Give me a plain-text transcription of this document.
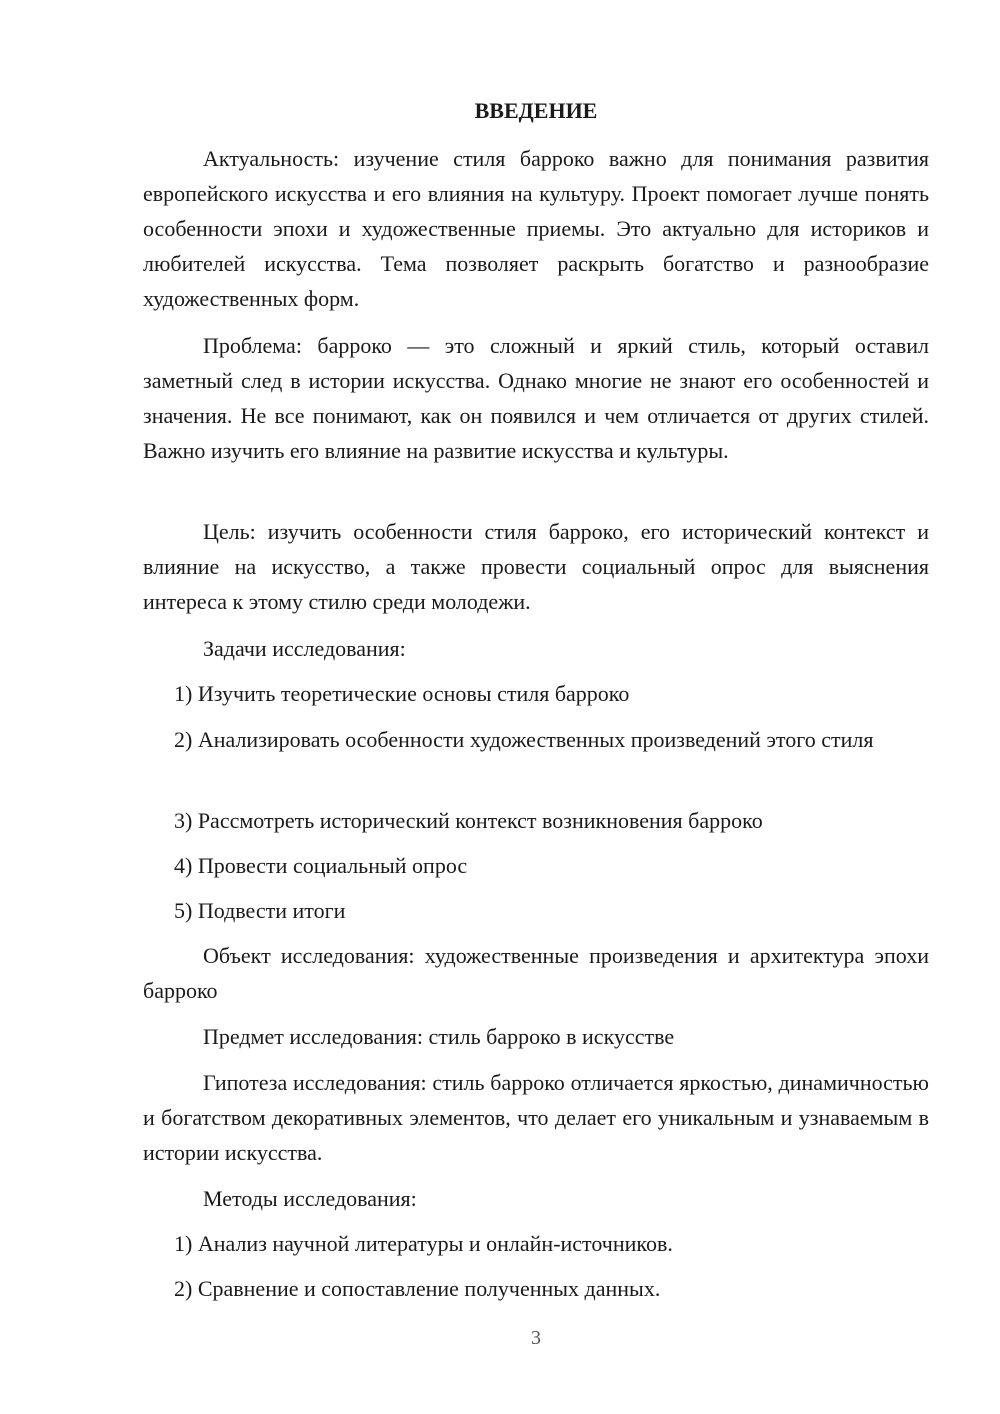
ВВЕДЕНИЕ

Актуальность: изучение стиля барроко важно для понимания развития европейского искусства и его влияния на культуру. Проект помогает лучше понять особенности эпохи и художественные приемы. Это актуально для историков и любителей искусства. Тема позволяет раскрыть богатство и разнообразие художественных форм.

Проблема: барроко — это сложный и яркий стиль, который оставил заметный след в истории искусства. Однако многие не знают его особенностей и значения. Не все понимают, как он появился и чем отличается от других стилей. Важно изучить его влияние на развитие искусства и культуры.

Цель: изучить особенности стиля барроко, его исторический контекст и влияние на искусство, а также провести социальный опрос для выяснения интереса к этому стилю среди молодежи.

Задачи исследования:

1) Изучить теоретические основы стиля барроко

2) Анализировать особенности художественных произведений этого стиля

3) Рассмотреть исторический контекст возникновения барроко

4) Провести социальный опрос

5) Подвести итоги

Объект исследования: художественные произведения и архитектура эпохи барроко

Предмет исследования: стиль барроко в искусстве

Гипотеза исследования: стиль барроко отличается яркостью, динамичностью и богатством декоративных элементов, что делает его уникальным и узнаваемым в истории искусства.

Методы исследования:

1) Анализ научной литературы и онлайн-источников.

2) Сравнение и сопоставление полученных данных.

3
